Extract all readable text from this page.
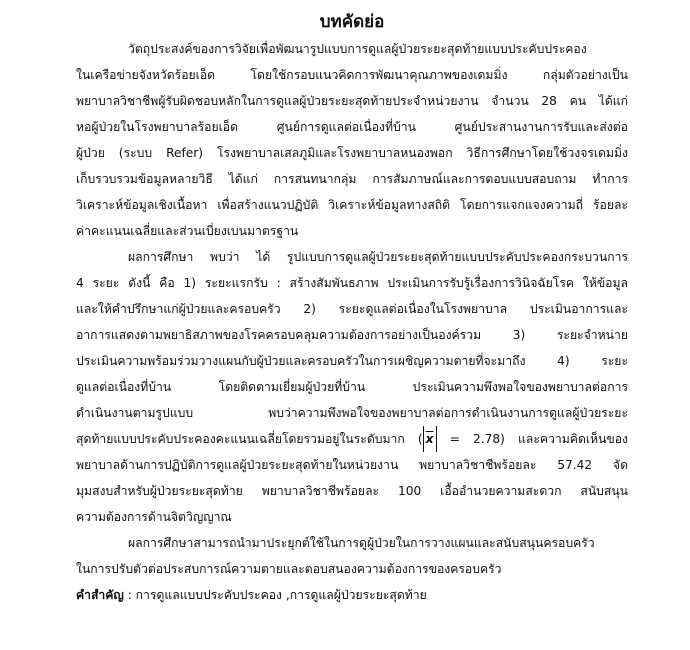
บทคัดย่อ
วัตถุประสงค์ของการวิจัยเพื่อพัฒนารูปแบบการดูแลผู้ป่วยระยะสุดท้ายแบบประคับประคอง
ในเครือข่ายจังหวัดร้อยเอ็ด โดยใช้กรอบแนวคิดการพัฒนาคุณภาพของเดมมิ่ง กลุ่มตัวอย่างเป็น
พยาบาลวิชาชีพผู้รับผิดชอบหลักในการดูแลผู้ป่วยระยะสุดท้ายประจำหน่วยงาน จำนวน 28 คน ได้แก่
หอผู้ป่วยในโรงพยาบาลร้อยเอ็ด ศูนย์การดูแลต่อเนื่องที่บ้าน ศูนย์ประสานงานการรับและส่งต่อ
ผู้ป่วย (ระบบ Refer) โรงพยาบาลเสลภูมิและโรงพยาบาลหนองพอก วิธีการศึกษาโดยใช้วงจรเดมมิ่ง
เก็บรวบรวมข้อมูลหลายวิธี ได้แก่ การสนทนากลุ่ม การสัมภาษณ์และการตอบแบบสอบถาม ทำการ
วิเคราะห์ข้อมูลเชิงเนื้อหา เพื่อสร้างแนวปฏิบัติ วิเคราะห์ข้อมูลทางสถิติ โดยการแจกแจงความถี่ ร้อยละ
ค่าคะแนนเฉลี่ยและส่วนเบี่ยงเบนมาตรฐาน
ผลการศึกษา พบว่า ได้ รูปแบบการดูแลผู้ป่วยระยะสุดท้ายแบบประคับประคองกระบวนการ
4 ระยะ ดังนี้ คือ 1) ระยะแรกรับ : สร้างสัมพันธภาพ ประเมินการรับรู้เรื่องการวินิจฉัยโรค ให้ข้อมูล
และให้คำปรึกษาแก่ผู้ป่วยและครอบครัว 2) ระยะดูแลต่อเนื่องในโรงพยาบาล ประเมินอาการและ
อาการแสดงตามพยาธิสภาพของโรคครอบคลุมความต้องการอย่างเป็นองค์รวม 3) ระยะจำหน่าย
ประเมินความพร้อมร่วมวางแผนกับผู้ป่วยและครอบครัวในการเผชิญความตายที่จะมาถึง 4) ระยะ
ดูแลต่อเนื่องที่บ้าน โดยติดตามเยี่ยมผู้ป่วยที่บ้าน ประเมินความพึงพอใจของพยาบาลต่อการ
ดำเนินงานตามรูปแบบ พบว่าความพึงพอใจของพยาบาลต่อการดำเนินงานการดูแลผู้ป่วยระยะ
สุดท้ายแบบประคับประคองคะแนนเฉลี่ยโดยรวมอยู่ในระดับมาก ( $\overline{x} = 2.78$) และความคิดเห็นของ
พยาบาลด้านการปฏิบัติการดูแลผู้ป่วยระยะสุดท้ายในหน่วยงาน พยาบาลวิชาชีพร้อยละ 57.42 จัด
มุมสงบสำหรับผู้ป่วยระยะสุดท้าย พยาบาลวิชาชีพร้อยละ 100 เอื้ออำนวยความสะดวก สนับสนุน
ความต้องการด้านจิตวิญญาณ
ผลการศึกษาสามารถนำมาประยุกต์ใช้ในการดูผู้ป่วยในการวางแผนและสนับสนุนครอบครัว
ในการปรับตัวต่อประสบการณ์ความตายและตอบสนองความต้องการของครอบครัว
คำสำคัญ : การดูแลแบบประคับประคอง ,การดูแลผู้ป่วยระยะสุดท้าย
